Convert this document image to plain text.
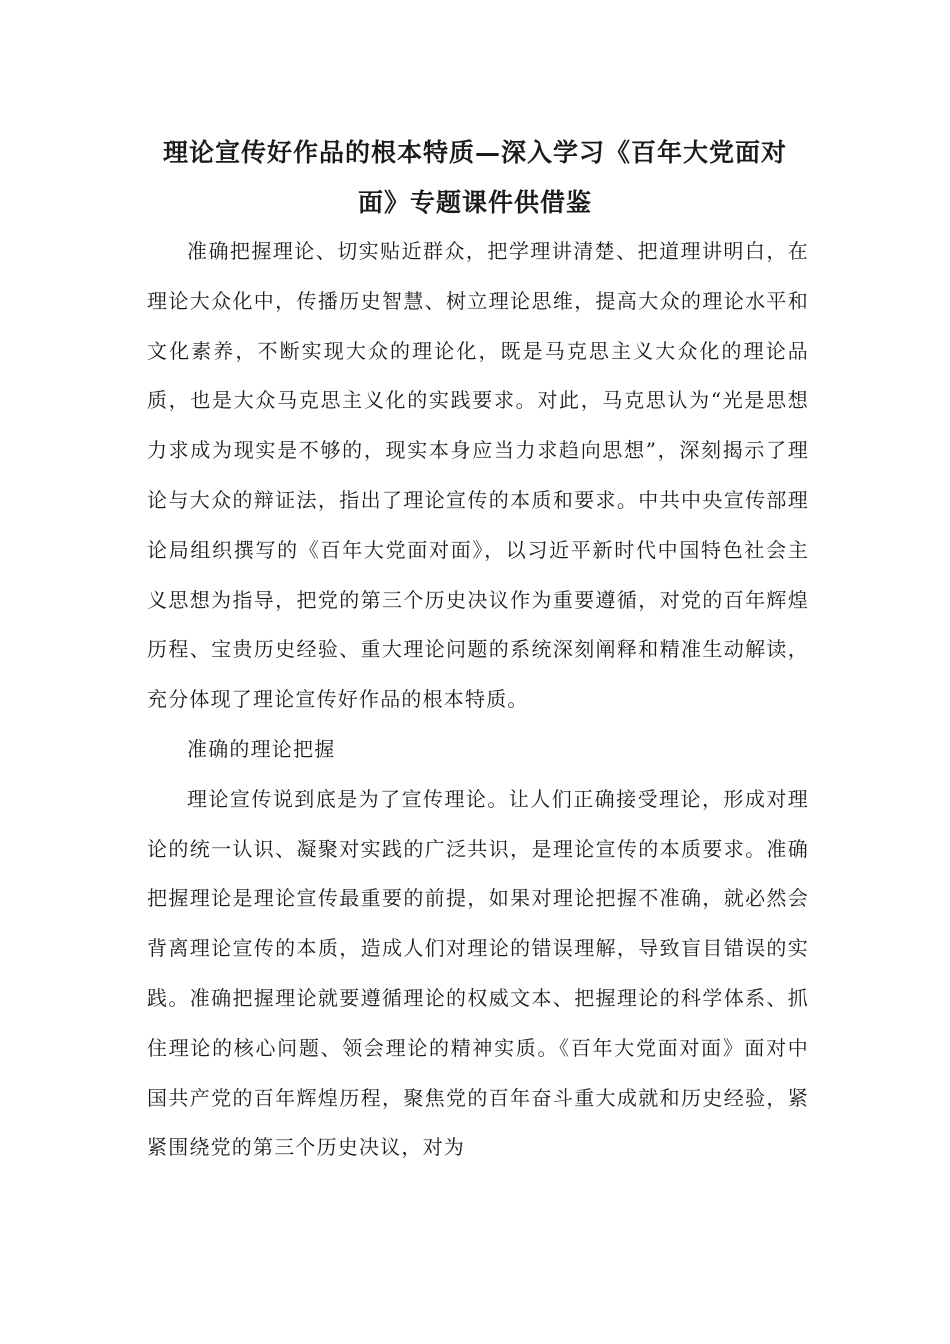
理论宣传好作品的根本特质—深入学习《百年大党面对
面》专题课件供借鉴

准确把握理论、切实贴近群众，把学理讲清楚、把道理讲明白，在理论大众化中，传播历史智慧、树立理论思维，提高大众的理论水平和文化素养，不断实现大众的理论化，既是马克思主义大众化的理论品质，也是大众马克思主义化的实践要求。对此，马克思认为“光是思想力求成为现实是不够的，现实本身应当力求趋向思想”，深刻揭示了理论与大众的辩证法，指出了理论宣传的本质和要求。中共中央宣传部理论局组织撰写的《百年大党面对面》，以习近平新时代中国特色社会主义思想为指导，把党的第三个历史决议作为重要遵循，对党的百年辉煌历程、宝贵历史经验、重大理论问题的系统深刻阐释和精准生动解读，充分体现了理论宣传好作品的根本特质。

准确的理论把握

理论宣传说到底是为了宣传理论。让人们正确接受理论，形成对理论的统一认识、凝聚对实践的广泛共识，是理论宣传的本质要求。准确把握理论是理论宣传最重要的前提，如果对理论把握不准确，就必然会背离理论宣传的本质，造成人们对理论的错误理解，导致盲目错误的实践。准确把握理论就要遵循理论的权威文本、把握理论的科学体系、抓住理论的核心问题、领会理论的精神实质。《百年大党面对面》面对中国共产党的百年辉煌历程，聚焦党的百年奋斗重大成就和历史经验，紧紧围绕党的第三个历史决议，对为
